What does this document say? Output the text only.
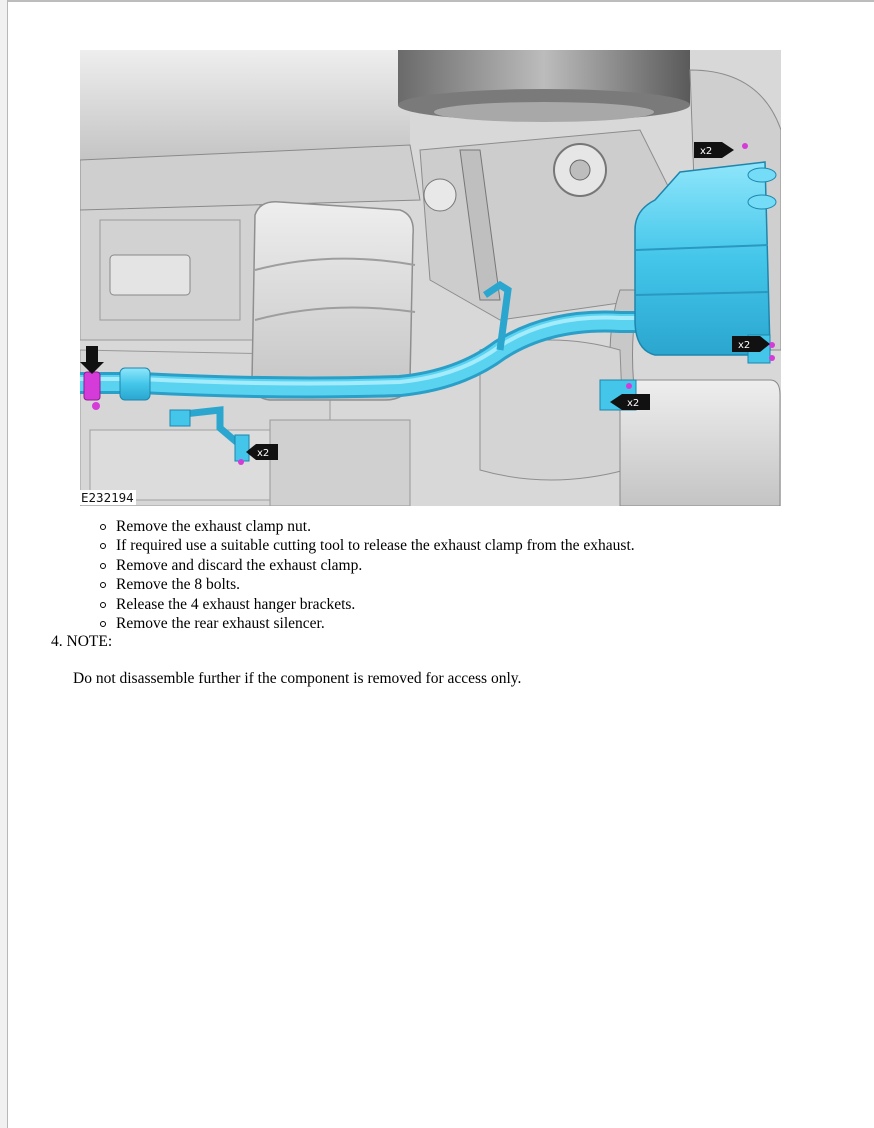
x2
x2
x2
x2
E232194
Remove the exhaust clamp nut.
If required use a suitable cutting tool to release the exhaust clamp from the exhaust.
Remove and discard the exhaust clamp.
Remove the 8 bolts.
Release the 4 exhaust hanger brackets.
Remove the rear exhaust silencer.
4. NOTE:
Do not disassemble further if the component is removed for access only.
